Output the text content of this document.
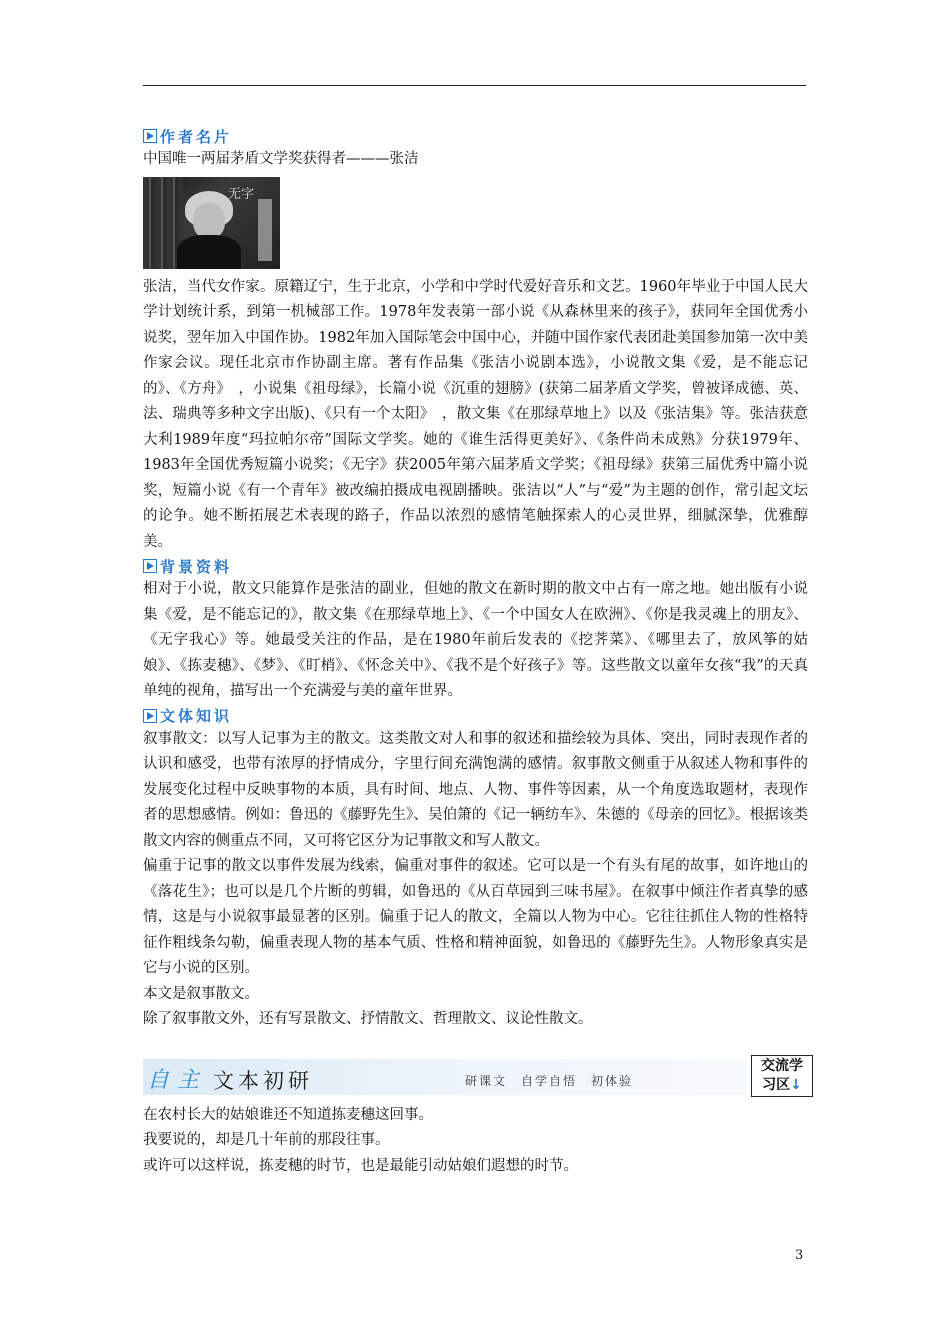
作者名片

中国唯一两届茅盾文学奖获得者———张洁

无字

张洁，当代女作家。原籍辽宁，生于北京，小学和中学时代爱好音乐和文艺。1960年毕业于中国人民大学计划统计系，到第一机械部工作。1978年发表第一部小说《从森林里来的孩子》，获同年全国优秀小说奖，翌年加入中国作协。1982年加入国际笔会中国中心，并随中国作家代表团赴美国参加第一次中美作家会议。现任北京市作协副主席。著有作品集《张洁小说剧本选》，小说散文集《爱，是不能忘记的》、《方舟》　，小说集《祖母绿》，长篇小说《沉重的翅膀》(获第二届茅盾文学奖，曾被译成德、英、法、瑞典等多种文字出版)、《只有一个太阳》　，散文集《在那绿草地上》以及《张洁集》等。张洁获意大利1989年度“玛拉帕尔帝”国际文学奖。她的《谁生活得更美好》、《条件尚未成熟》分获1979年、1983年全国优秀短篇小说奖；《无字》获2005年第六届茅盾文学奖；《祖母绿》获第三届优秀中篇小说奖，短篇小说《有一个青年》被改编拍摄成电视剧播映。张洁以“人”与“爱”为主题的创作，常引起文坛的论争。她不断拓展艺术表现的路子，作品以浓烈的感情笔触探索人的心灵世界，细腻深挚，优雅醇美。

背景资料

相对于小说，散文只能算作是张洁的副业，但她的散文在新时期的散文中占有一席之地。她出版有小说集《爱，是不能忘记的》，散文集《在那绿草地上》、《一个中国女人在欧洲》、《你是我灵魂上的朋友》、《无字我心》等。她最受关注的作品，是在1980年前后发表的《挖荠菜》、《哪里去了，放风筝的姑娘》、《拣麦穗》、《梦》、《盯梢》、《怀念关中》、《我不是个好孩子》等。这些散文以童年女孩“我”的天真单纯的视角，描写出一个充满爱与美的童年世界。

文体知识

叙事散文：以写人记事为主的散文。这类散文对人和事的叙述和描绘较为具体、突出，同时表现作者的认识和感受，也带有浓厚的抒情成分，字里行间充满饱满的感情。叙事散文侧重于从叙述人物和事件的发展变化过程中反映事物的本质，具有时间、地点、人物、事件等因素，从一个角度选取题材，表现作者的思想感情。例如：鲁迅的《藤野先生》、吴伯箫的《记一辆纺车》、朱德的《母亲的回忆》。根据该类散文内容的侧重点不同，又可将它区分为记事散文和写人散文。

偏重于记事的散文以事件发展为线索，偏重对事件的叙述。它可以是一个有头有尾的故事，如许地山的《落花生》；也可以是几个片断的剪辑，如鲁迅的《从百草园到三味书屋》。在叙事中倾注作者真挚的感情，这是与小说叙事最显著的区别。偏重于记人的散文，全篇以人物为中心。它往往抓住人物的性格特征作粗线条勾勒，偏重表现人物的基本气质、性格和精神面貌，如鲁迅的《藤野先生》。人物形象真实是它与小说的区别。

本文是叙事散文。

除了叙事散文外，还有写景散文、抒情散文、哲理散文、议论性散文。

自 主 文本初研	研课文　自学自悟　初体验
交流学
习区↓

在农村长大的姑娘谁还不知道拣麦穗这回事。

我要说的，却是几十年前的那段往事。

或许可以这样说，拣麦穗的时节，也是最能引动姑娘们遐想的时节。

3
